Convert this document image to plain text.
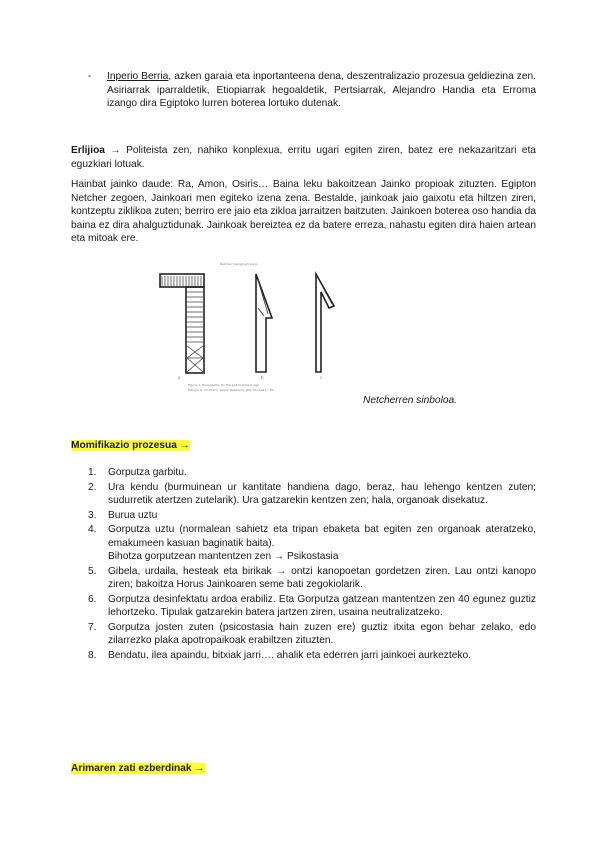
- Inperio Berria, azken garaia eta inportanteena dena, deszentralizazio prozesua geldiezina zen. Asiriarrak iparraldetik, Etiopiarrak hegoaldetik, Pertsiarrak, Alejandro Handia eta Erroma izango dira Egiptoko lurren boterea lortuko dutenak.

Erlijioa → Politeista zen, nahiko konplexua, erritu ugari egiten ziren, batez ere nekazaritzari eta eguzkiari lotuak.

Hainbat jainko daude: Ra, Amon, Osiris… Baina leku bakoitzean Jainko propioak zituzten. Egipton Netcher zegoen, Jainkoari men egiteko izena zena. Bestalde, jainkoak jaio gaixotu eta hiltzen ziren, kontzeptu ziklikoa zuten; berriro ere jaio eta zikloa jarraitzen baitzuten. Jainkoen boterea oso handia da baina ez dira ahalguztidunak. Jainkoak bereiztea ez da batere erreza, nahastu egiten dira haien artean eta mitoak ere.

Netcher hieroglyph signs
a	b	c
Figure 1. Hieroglyphs for the god (netcher) sign
Dibujos A. Southern, según Newberry, JEA, 33 (1947), 70.

Netcherren sinboloa.

Momifikazio prozesua →

1. Gorputza garbitu.
2. Ura kendu (burmuinean ur kantitate handiena dago, beraz, hau lehengo kentzen zuten; sudurretik atertzen zutelarik). Ura gatzarekin kentzen zen; hala, organoak disekatuz.
3. Burua uztu
4. Gorputza uztu (normalean sahietz eta tripan ebaketa bat egiten zen organoak ateratzeko, emakumeen kasuan baginatik baita).
Bihotza gorputzean mantentzen zen → Psikostasia
5. Gibela, urdaila, hesteak eta birikak → ontzi kanopoetan gordetzen ziren. Lau ontzi kanopo ziren; bakoitza Horus Jainkoaren seme bati zegokiolarik.
6. Gorputza desinfektatu ardoa erabiliz. Eta Gorputza gatzean mantentzen zen 40 egunez guztiz lehortzeko. Tipulak gatzarekin batera jartzen ziren, usaina neutralizatzeko.
7. Gorputza josten zuten (psicostasia hain zuzen ere) guztiz itxita egon behar zelako, edo zilarrezko plaka apotropaikoak erabiltzen zituzten.
8. Bendatu, ilea apaindu, bitxiak jarri…. ahalik eta ederren jarri jainkoei aurkezteko.

Arimaren zati ezberdinak →
